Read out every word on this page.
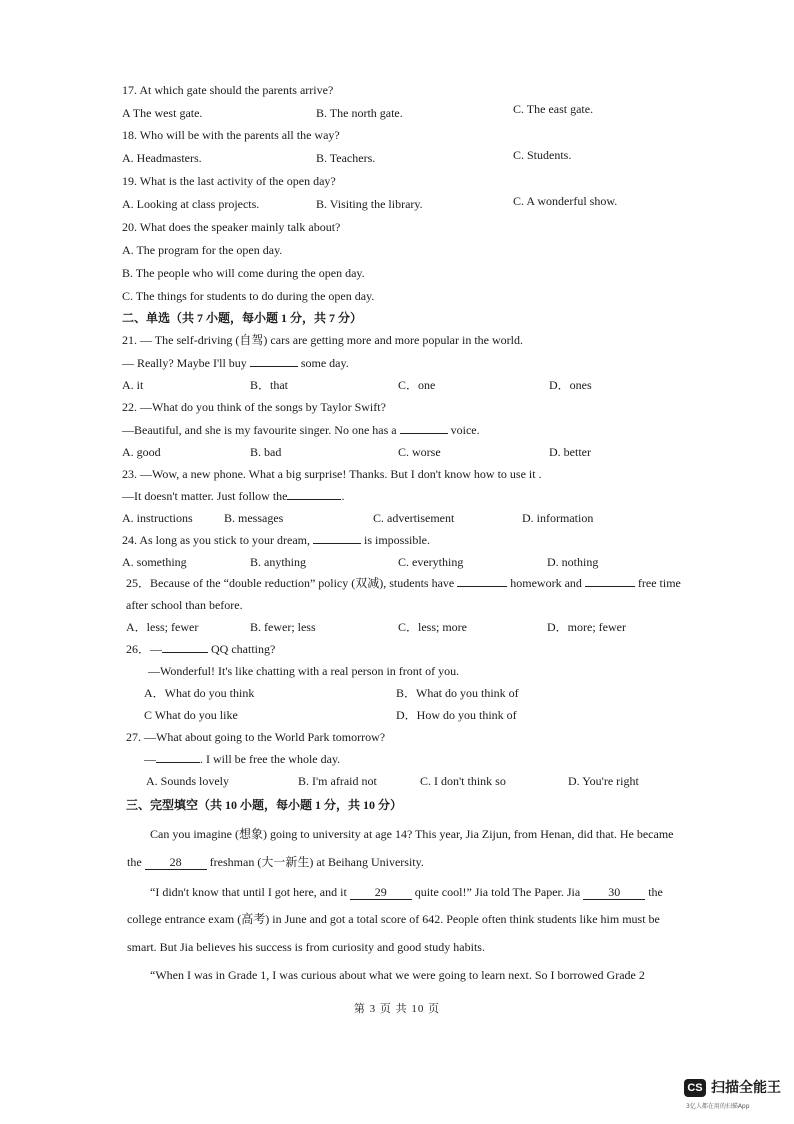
17. At which gate should the parents arrive?
A The west gate.	B. The north gate.	C. The east gate.
18. Who will be with the parents all the way?
A. Headmasters.	B. Teachers.	C. Students.
19. What is the last activity of the open day?
A. Looking at class projects.	B. Visiting the library.	C. A wonderful show.
20. What does the speaker mainly talk about?
A. The program for the open day.
B. The people who will come during the open day.
C. The things for students to do during the open day.
二、单选（共 7 小题，每小题 1 分，共 7 分）
21. — The self-driving (自驾) cars are getting more and more popular in the world.
— Really? Maybe I'll buy	some day.
A. it	B．that	C．one	D．ones
22. —What do you think of the songs by Taylor Swift?
—Beautiful, and she is my favourite singer. No one has a	voice.
A. good	B. bad	C. worse	D. better
23. —Wow, a new phone. What a big surprise! Thanks. But I don't know how to use it .
—It doesn't matter. Just follow the	.
A. instructions	B. messages	C. advertisement	D. information
24. As long as you stick to your dream,	is impossible.
A. something	B. anything	C. everything	D. nothing
25．Because of the “double reduction” policy (双减), students have	homework and	free time
after school than before.
A．less; fewer	B. fewer; less	C．less; more	D．more; fewer
26．—	QQ chatting?
—Wonderful! It's like chatting with a real person in front of you.
A．What do you think	B．What do you think of
C What do you like	D．How do you think of
27. —What about going to the World Park tomorrow?
—	. I will be free the whole day.
A. Sounds lovely	B. I'm afraid not	C. I don't think so	D. You're right
三、完型填空（共 10 小题，每小题 1 分，共 10 分）
Can you imagine (想象) going to university at age 14? This year, Jia Zijun, from Henan, did that. He became
the 28 freshman (大一新生) at Beihang University.
“I didn't know that until I got here, and it 29 quite cool!” Jia told The Paper. Jia 30 the
college entrance exam (高考) in June and got a total score of 642. People often think students like him must be
smart. But Jia believes his success is from curiosity and good study habits.
“When I was in Grade 1, I was curious about what we were going to learn next. So I borrowed Grade 2
第 3 页 共 10 页
CS 扫描全能王
3亿人都在用的扫描App
